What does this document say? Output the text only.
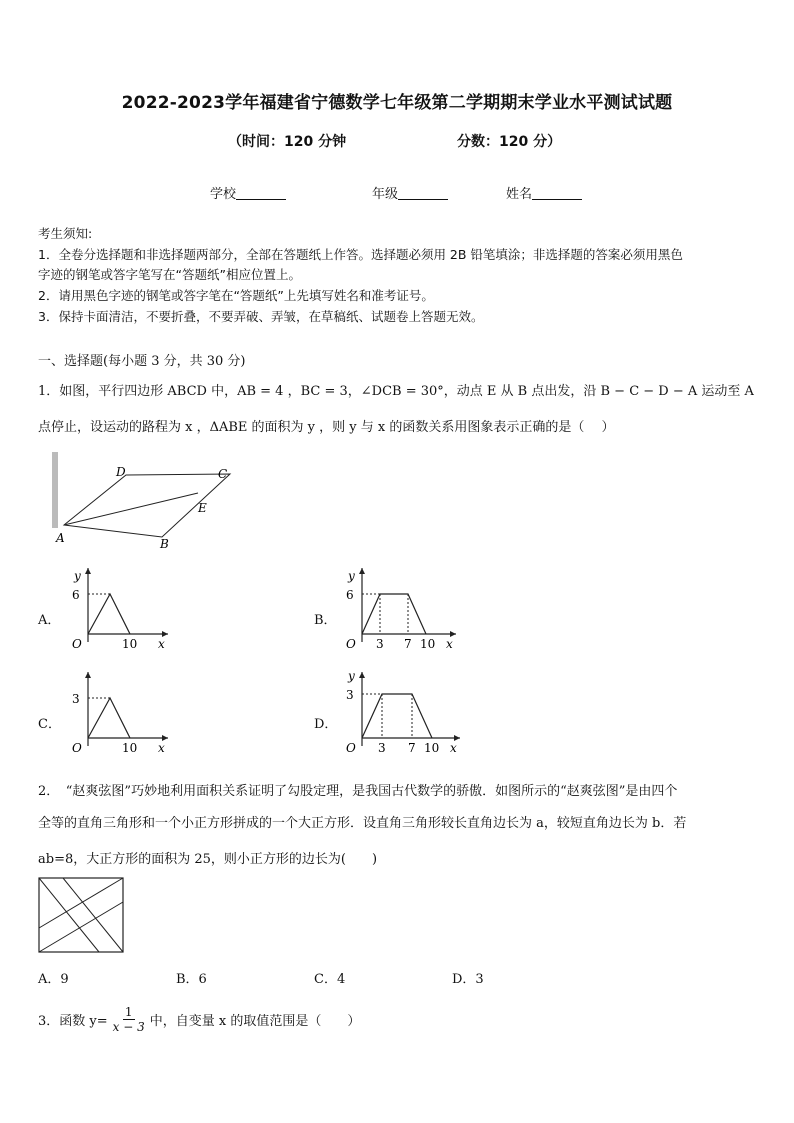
2022-2023学年福建省宁德数学七年级第二学期期末学业水平测试试题
（时间：120 分钟	分数：120 分）
学校	年级	姓名
考生须知:
1．全卷分选择题和非选择题两部分，全部在答题纸上作答。选择题必须用 2B 铅笔填涂；非选择题的答案必须用黑色
字迹的钢笔或答字笔写在“答题纸”相应位置上。
2．请用黑色字迹的钢笔或答字笔在“答题纸”上先填写姓名和准考证号。
3．保持卡面清洁，不要折叠，不要弄破、弄皱，在草稿纸、试题卷上答题无效。
一、选择题(每小题 3 分，共 30 分)
1．如图，平行四边形 ABCD 中，AB = 4 ，BC = 3，∠DCB = 30°，动点 E 从 B 点出发，沿 B − C − D − A 运动至 A
点停止，设运动的路程为 x ，ΔABE 的面积为 y ，则 y 与 x 的函数关系用图象表示正确的是（　 ）
A	B
C
D
E
A．
y
6
O	10 x
B．
y
6
O 3 7 10 x
C．
3
O	10 x
D．
y
3
O 3 7 10 x
2．　“赵爽弦图”巧妙地利用面积关系证明了勾股定理，是我国古代数学的骄傲．如图所示的“赵爽弦图”是由四个
全等的直角三角形和一个小正方形拼成的一个大正方形．设直角三角形较长直角边长为 a，较短直角边长为 b．若
ab=8，大正方形的面积为 25，则小正方形的边长为(　　)
A．9	B．6	C．4	D．3
3．函数 $y= \frac{1}{x - 3}$ 中，自变量 x 的取值范围是（　　）
